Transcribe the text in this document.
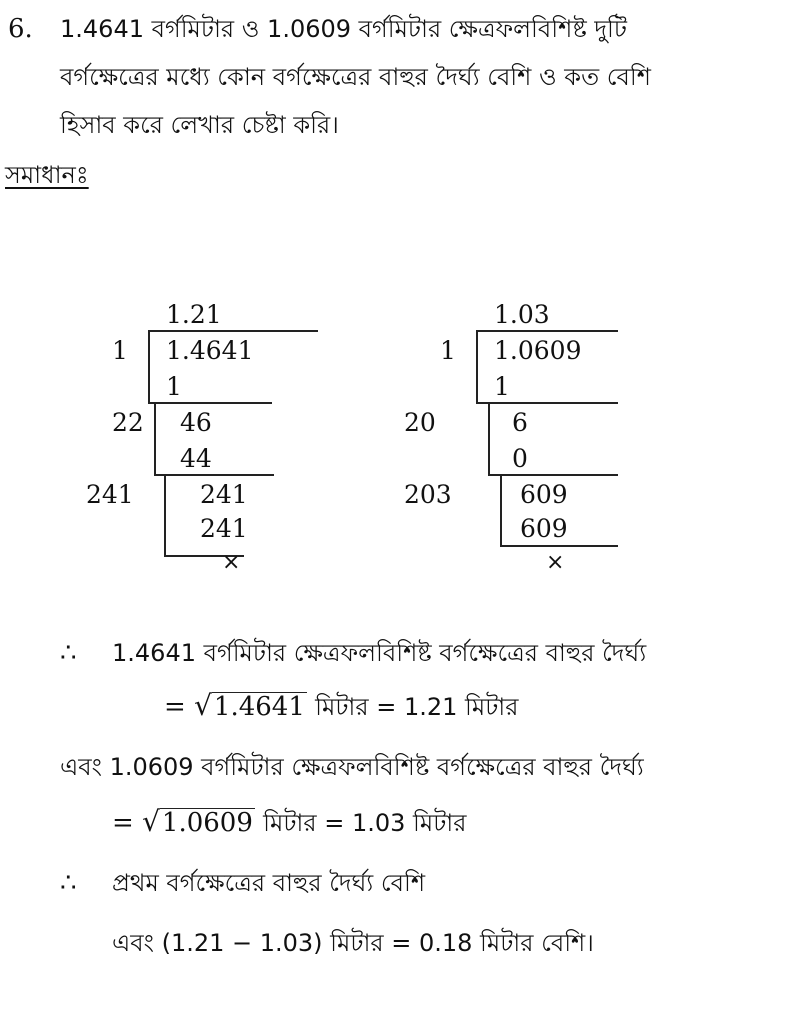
6. 1.4641 বর্গমিটার ও 1.0609 বর্গমিটার ক্ষেত্রফলবিশিষ্ট দুটি
বর্গক্ষেত্রের মধ্যে কোন বর্গক্ষেত্রের বাহুর দৈর্ঘ্য বেশি ও কত বেশি
হিসাব করে লেখার চেষ্টা করি।
সমাধানঃ
1.21
1 1.4641
1
22 46
44
241	241
241
×
1.03
1 1.0609
1
20	6
0
203	609
609
×
∴ 1.4641 বর্গমিটার ক্ষেত্রফলবিশিষ্ট বর্গক্ষেত্রের বাহুর দৈর্ঘ্য
= √ 1.4641 মিটার = 1.21 মিটার
এবং 1.0609 বর্গমিটার ক্ষেত্রফলবিশিষ্ট বর্গক্ষেত্রের বাহুর দৈর্ঘ্য
= √ 1.0609 মিটার = 1.03 মিটার
∴ প্রথম বর্গক্ষেত্রের বাহুর দৈর্ঘ্য বেশি
এবং (1.21 − 1.03) মিটার = 0.18 মিটার বেশি।
